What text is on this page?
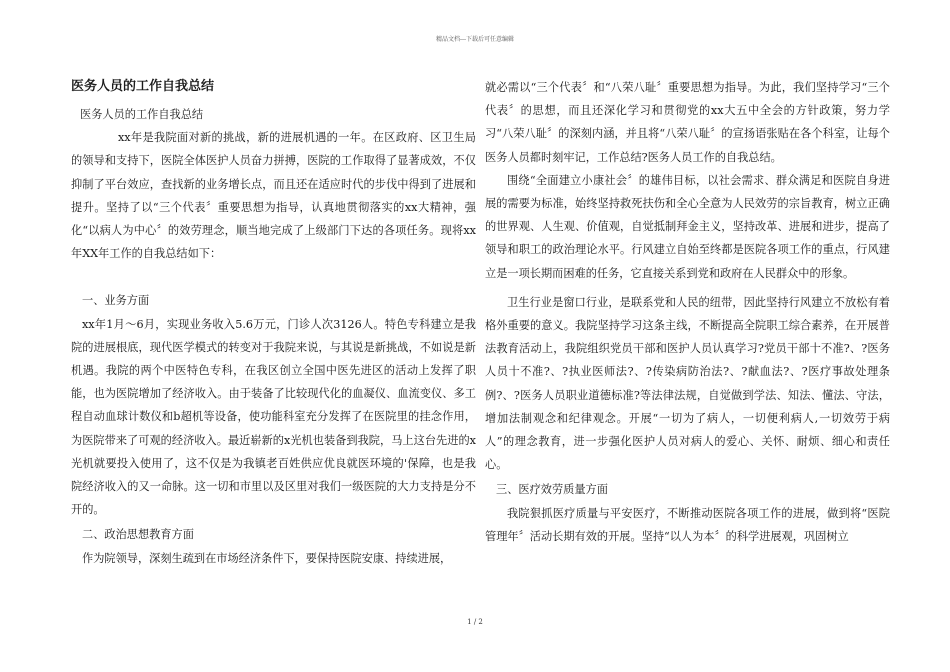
精品文档---下载后可任意编辑
医务人员的工作自我总结

医务人员的工作自我总结

xx年是我院面对新的挑战，新的进展机遇的一年。在区政府、区卫生局的领导和支持下，医院全体医护人员奋力拼搏，医院的工作取得了显著成效，不仅抑制了平台效应，查找新的业务增长点，而且还在适应时代的步伐中得到了进展和提升。坚持了以“三个代表〞重要思想为指导，认真地贯彻落实的xx大精神，强化“以病人为中心〞的效劳理念，顺当地完成了上级部门下达的各项任务。现将xx年XX年工作的自我总结如下：

一、业务方面

xx年1月～6月，实现业务收入5.6万元，门诊人次3126人。特色专科建立是我院的进展根底，现代医学模式的转变对于我院来说，与其说是新挑战，不如说是新机遇。我院的两个中医特色专科，在我区创立全国中医先进区的活动上发挥了职能，也为医院增加了经济收入。由于装备了比较现代化的血凝仪、血流变仪、多工程自动血球计数仪和b超机等设备，使功能科室充分发挥了在医院里的挂念作用，为医院带来了可观的经济收入。最近崭新的x光机也装备到我院，马上这台先进的x光机就要投入使用了，这不仅是为我镇老百姓供应优良就医环境的'保障，也是我院经济收入的又一命脉。这一切和市里以及区里对我们一级医院的大力支持是分不开的。

二、政治思想教育方面

作为院领导，深刻生疏到在市场经济条件下，要保持医院安康、持续进展，

就必需以“三个代表〞和“八荣八耻〞重要思想为指导。为此，我们坚持学习“三个代表〞的思想，而且还深化学习和贯彻党的xx大五中全会的方针政策，努力学习“八荣八耻〞的深刻内涵，并且将“八荣八耻〞的宣扬语张贴在各个科室，让每个医务人员都时刻牢记，工作总结?医务人员工作的自我总结。

围绕“全面建立小康社会〞的雄伟目标，以社会需求、群众满足和医院自身进展的需要为标准，始终坚持救死扶伤和全心全意为人民效劳的宗旨教育，树立正确的世界观、人生观、价值观，自觉抵制拜金主义，坚持改革、进展和进步，提高了领导和职工的政治理论水平。行风建立自始至终都是医院各项工作的重点，行风建立是一项长期而困难的任务，它直接关系到党和政府在人民群众中的形象。

卫生行业是窗口行业，是联系党和人民的纽带，因此坚持行风建立不放松有着格外重要的意义。我院坚持学习这条主线，不断提高全院职工综合素养，在开展普法教育活动上，我院组织党员干部和医护人员认真学习?党员干部十不准?、?医务人员十不准?、?执业医师法?、?传染病防治法?、?献血法?、?医疗事故处理条例?、?医务人员职业道德标准?等法律法规，自觉做到学法、知法、懂法、守法，增加法制观念和纪律观念。开展“一切为了病人，一切便利病人,一切效劳于病人”的理念教育，进一步强化医护人员对病人的爱心、关怀、耐烦、细心和责任心。

三、医疗效劳质量方面

我院狠抓医疗质量与平安医疗，不断推动医院各项工作的进展，做到将“医院管理年〞活动长期有效的开展。坚持“以人为本〞的科学进展观，巩固树立

1 / 2
